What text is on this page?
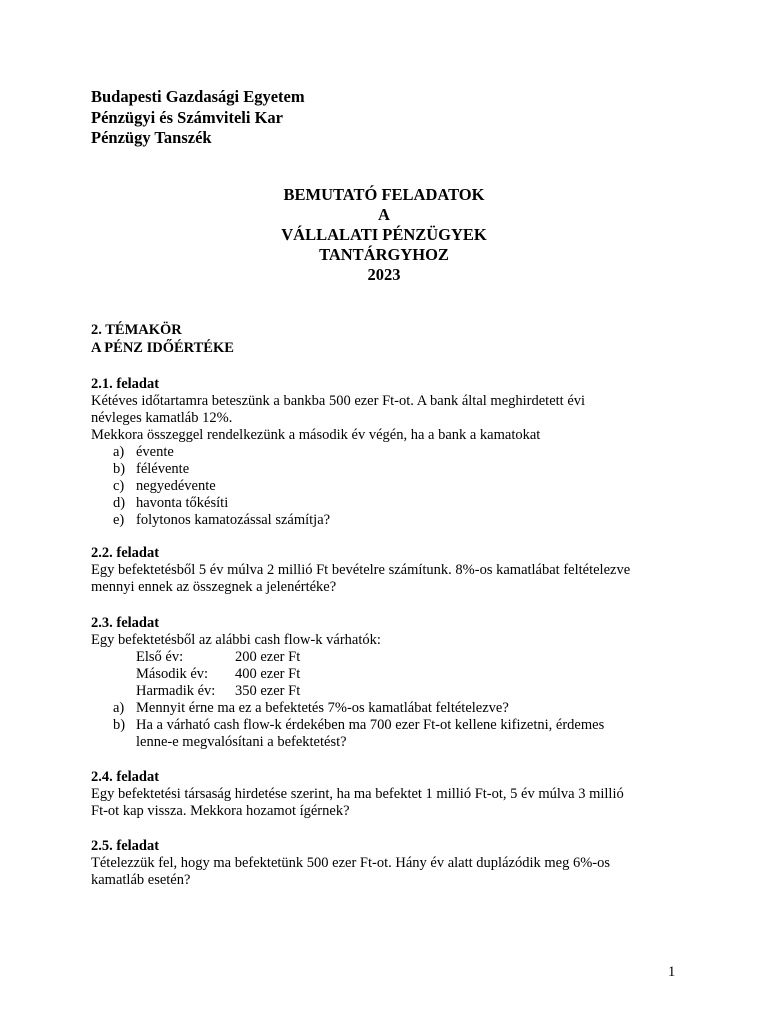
Budapesti Gazdasági Egyetem
Pénzügyi és Számviteli Kar
Pénzügy Tanszék
BEMUTATÓ FELADATOK
A
VÁLLALATI PÉNZÜGYEK
TANTÁRGYHOZ
2023
2. TÉMAKÖR
A PÉNZ IDŐÉRTÉKE
2.1. feladat
Kétéves időtartamra beteszünk a bankba 500 ezer Ft-ot. A bank által meghirdetett évi
névleges kamatláb 12%.
Mekkora összeggel rendelkezünk a második év végén, ha a bank a kamatokat
a) évente
b) félévente
c) negyedévente
d) havonta tőkésíti
e) folytonos kamatozással számítja?
2.2. feladat
Egy befektetésből 5 év múlva 2 millió Ft bevételre számítunk. 8%-os kamatlábat feltételezve
mennyi ennek az összegnek a jelenértéke?
2.3. feladat
Egy befektetésből az alábbi cash flow-k várhatók:
Első év:	200 ezer Ft
Második év: 400 ezer Ft
Harmadik év: 350 ezer Ft
a) Mennyit érne ma ez a befektetés 7%-os kamatlábat feltételezve?
b) Ha a várható cash flow-k érdekében ma 700 ezer Ft-ot kellene kifizetni, érdemes
lenne-e megvalósítani a befektetést?
2.4. feladat
Egy befektetési társaság hirdetése szerint, ha ma befektet 1 millió Ft-ot, 5 év múlva 3 millió
Ft-ot kap vissza. Mekkora hozamot ígérnek?
2.5. feladat
Tételezzük fel, hogy ma befektetünk 500 ezer Ft-ot. Hány év alatt duplázódik meg 6%-os
kamatláb esetén?
1
